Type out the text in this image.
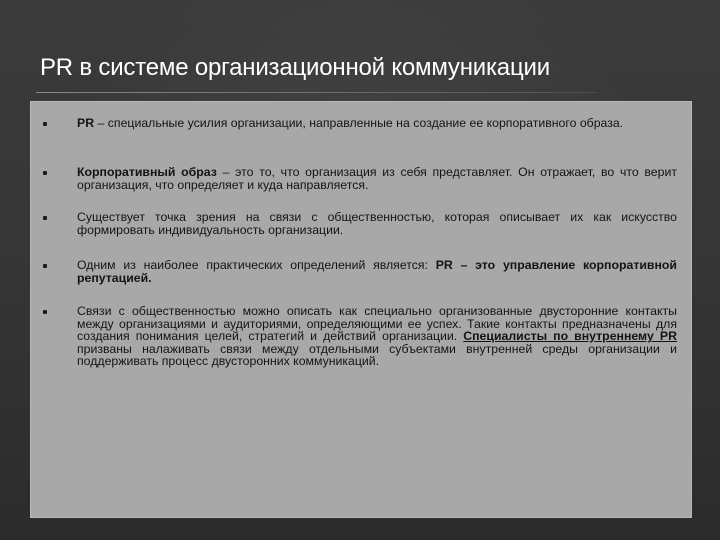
PR в системе организационной коммуникации
PR – специальные усилия организации, направленные на создание ее корпоративного образа.
Корпоративный образ – это то, что организация из себя представляет. Он отражает, во что верит организация, что определяет и куда направляется.
Существует точка зрения на связи с общественностью, которая описывает их как искусство формировать индивидуальность организации.
Одним из наиболее практических определений является: PR – это управление корпоративной репутацией.
Связи с общественностью можно описать как специально организованные двусторонние контакты между организациями и аудиториями, определяющими ее успех. Такие контакты предназначены для создания понимания целей, стратегий и действий организации. Специалисты по внутреннему PR призваны налаживать связи между отдельными субъектами внутренней среды организации и поддерживать процесс двусторонних коммуникаций.
